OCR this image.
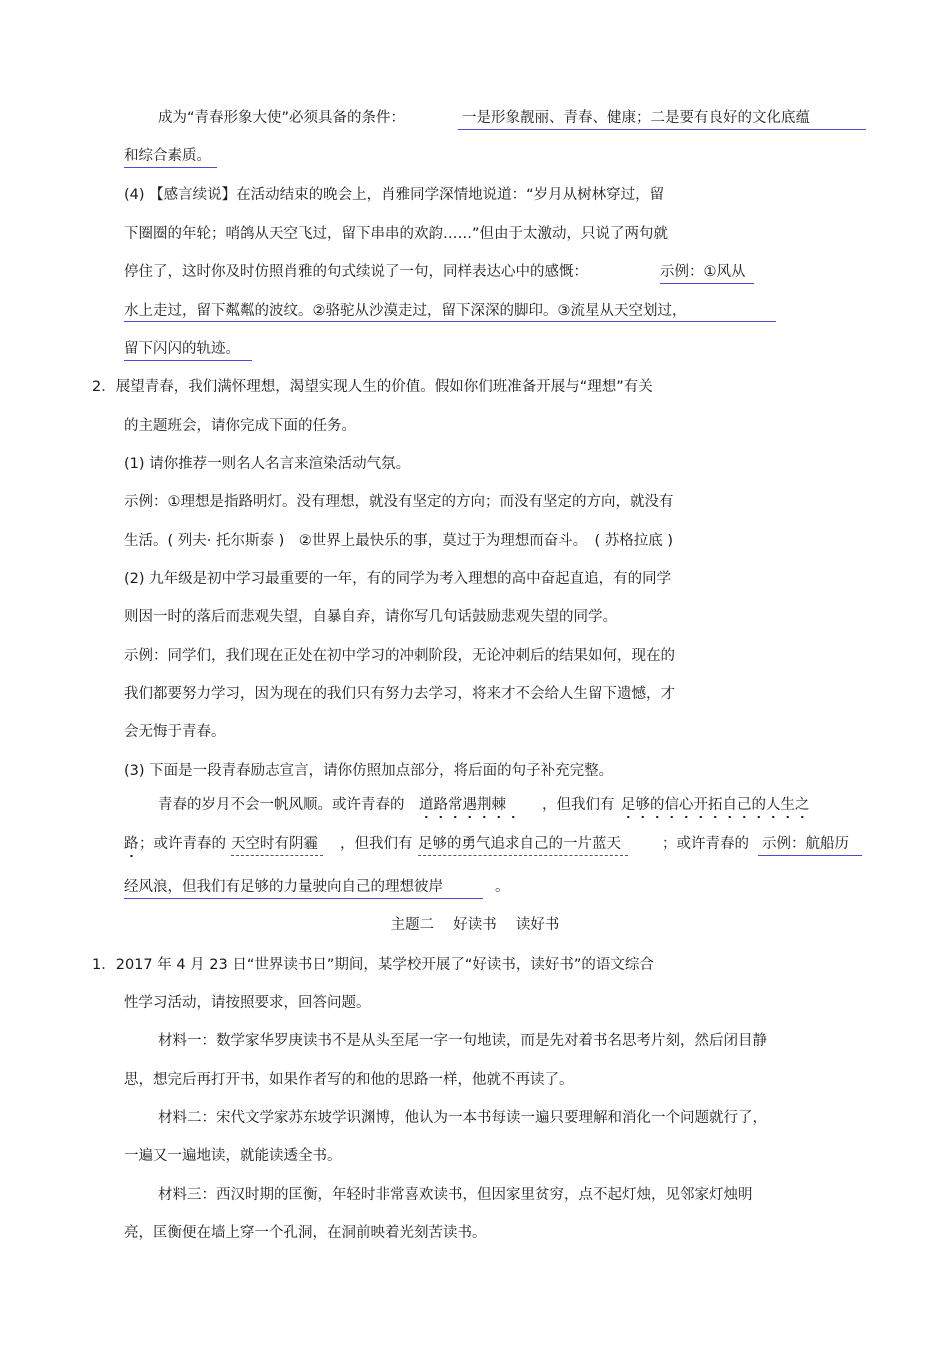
成为“青春形象大使”必须具备的条件：	一是形象靓丽、青春、健康；二是要有良好的文化底蕴
和综合素质。
(4) 【感言续说】在活动结束的晚会上，肖雅同学深情地说道：“岁月从树林穿过，留
下圈圈的年轮；哨鸽从天空飞过，留下串串的欢韵……”但由于太激动，只说了两句就
停住了，这时你及时仿照肖雅的句式续说了一句，同样表达心中的感慨：	示例：①风从
水上走过，留下粼粼的波纹。②骆驼从沙漠走过，留下深深的脚印。③流星从天空划过，
留下闪闪的轨迹。
2．展望青春，我们满怀理想，渴望实现人生的价值。假如你们班准备开展与“理想”有关
的主题班会，请你完成下面的任务。
(1) 请你推荐一则名人名言来渲染活动气氛。
示例：①理想是指路明灯。没有理想，就没有坚定的方向；而没有坚定的方向，就没有
生活。( 列夫· 托尔斯泰 )　②世界上最快乐的事，莫过于为理想而奋斗。　( 苏格拉底 )
(2) 九年级是初中学习最重要的一年，有的同学为考入理想的高中奋起直追，有的同学
则因一时的落后而悲观失望，自暴自弃，请你写几句话鼓励悲观失望的同学。
示例：同学们，我们现在正处在初中学习的冲刺阶段，无论冲刺后的结果如何，现在的
我们都要努力学习，因为现在的我们只有努力去学习，将来才不会给人生留下遗憾，才
会无悔于青春。
(3) 下面是一段青春励志宣言，请你仿照加点部分，将后面的句子补充完整。
青春的岁月不会一帆风顺。或许青春的 道路常遇荆棘 ，但我们有 足够的信心开拓自己的人生之
路 ；或许青春的 天空时有阴霾 ，但我们有 足够的勇气追求自己的一片蓝天	；或许青春的 示例：航船历
经风浪，但我们有足够的力量驶向自己的理想彼岸	。
主题二　 好读书　 读好书
1．2017 年 4 月 23 日“世界读书日”期间，某学校开展了“好读书，读好书”的语文综合
性学习活动，请按照要求，回答问题。
材料一：数学家华罗庚读书不是从头至尾一字一句地读，而是先对着书名思考片刻，然后闭目静
思，想完后再打开书，如果作者写的和他的思路一样，他就不再读了。
材料二：宋代文学家苏东坡学识渊博，他认为一本书每读一遍只要理解和消化一个问题就行了，
一遍又一遍地读，就能读透全书。
材料三：西汉时期的匡衡，年轻时非常喜欢读书，但因家里贫穷，点不起灯烛，见邻家灯烛明
亮，匡衡便在墙上穿一个孔洞，在洞前映着光刻苦读书。
